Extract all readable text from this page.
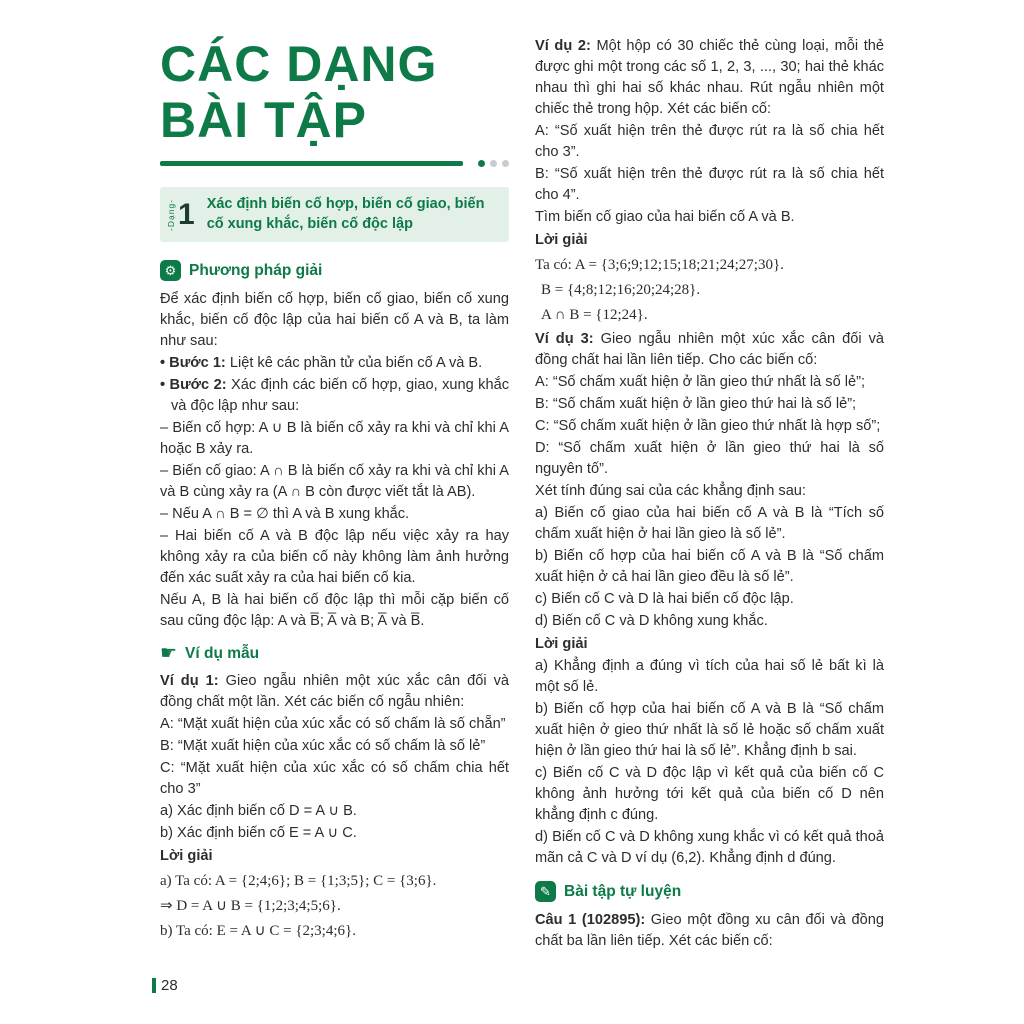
CÁC DẠNG
BÀI TẬP
-Dạng- 1 Xác định biến cố hợp, biến cố giao, biến cố xung khắc, biến cố độc lập
⚙ Phương pháp giải

Để xác định biến cố hợp, biến cố giao, biến cố xung khắc, biến cố độc lập của hai biến cố A và B, ta làm như sau:

• Bước 1: Liệt kê các phần tử của biến cố A và B.

• Bước 2: Xác định các biến cố hợp, giao, xung khắc và độc lập như sau:

– Biến cố hợp: A ∪ B là biến cố xảy ra khi và chỉ khi A hoặc B xảy ra.

– Biến cố giao: A ∩ B là biến cố xảy ra khi và chỉ khi A và B cùng xảy ra (A ∩ B còn được viết tắt là AB).

– Nếu A ∩ B = ∅ thì A và B xung khắc.

– Hai biến cố A và B độc lập nếu việc xảy ra hay không xảy ra của biến cố này không làm ảnh hưởng đến xác suất xảy ra của hai biến cố kia.

Nếu A, B là hai biến cố độc lập thì mỗi cặp biến cố sau cũng độc lập: A và B̅; A̅ và B; A̅ và B̅.

☛ Ví dụ mẫu

Ví dụ 1: Gieo ngẫu nhiên một xúc xắc cân đối và đồng chất một lần. Xét các biến cố ngẫu nhiên:

A: “Mặt xuất hiện của xúc xắc có số chấm là số chẵn”

B: “Mặt xuất hiện của xúc xắc có số chấm là số lẻ”

C: “Mặt xuất hiện của xúc xắc có số chấm chia hết cho 3”

a) Xác định biến cố D = A ∪ B.

b) Xác định biến cố E = A ∪ C.

Lời giải

a) Ta có: A = {2;4;6}; B = {1;3;5}; C = {3;6}.

⇒ D = A ∪ B = {1;2;3;4;5;6}.

b) Ta có: E = A ∪ C = {2;3;4;6}.

Ví dụ 2: Một hộp có 30 chiếc thẻ cùng loại, mỗi thẻ được ghi một trong các số 1, 2, 3, ..., 30; hai thẻ khác nhau thì ghi hai số khác nhau. Rút ngẫu nhiên một chiếc thẻ trong hộp. Xét các biến cố:

A: “Số xuất hiện trên thẻ được rút ra là số chia hết cho 3”.

B: “Số xuất hiện trên thẻ được rút ra là số chia hết cho 4”.

Tìm biến cố giao của hai biến cố A và B.

Lời giải

Ta có: A = {3;6;9;12;15;18;21;24;27;30}.

B = {4;8;12;16;20;24;28}.

A ∩ B = {12;24}.

Ví dụ 3: Gieo ngẫu nhiên một xúc xắc cân đối và đồng chất hai lần liên tiếp. Cho các biến cố:

A: “Số chấm xuất hiện ở lần gieo thứ nhất là số lẻ”;

B: “Số chấm xuất hiện ở lần gieo thứ hai là số lẻ”;

C: “Số chấm xuất hiện ở lần gieo thứ nhất là hợp số”;

D: “Số chấm xuất hiện ở lần gieo thứ hai là số nguyên tố”.

Xét tính đúng sai của các khẳng định sau:

a) Biến cố giao của hai biến cố A và B là “Tích số chấm xuất hiện ở hai lần gieo là số lẻ”.

b) Biến cố hợp của hai biến cố A và B là “Số chấm xuất hiện ở cả hai lần gieo đều là số lẻ”.

c) Biến cố C và D là hai biến cố độc lập.

d) Biến cố C và D không xung khắc.

Lời giải

a) Khẳng định a đúng vì tích của hai số lẻ bất kì là một số lẻ.

b) Biến cố hợp của hai biến cố A và B là “Số chấm xuất hiện ở gieo thứ nhất là số lẻ hoặc số chấm xuất hiện ở lần gieo thứ hai là số lẻ”. Khẳng định b sai.

c) Biến cố C và D độc lập vì kết quả của biến cố C không ảnh hưởng tới kết quả của biến cố D nên khẳng định c đúng.

d) Biến cố C và D không xung khắc vì có kết quả thoả mãn cả C và D ví dụ (6,2). Khẳng định d đúng.

✎ Bài tập tự luyện

Câu 1 (102895): Gieo một đồng xu cân đối và đồng chất ba lần liên tiếp. Xét các biến cố:

28
